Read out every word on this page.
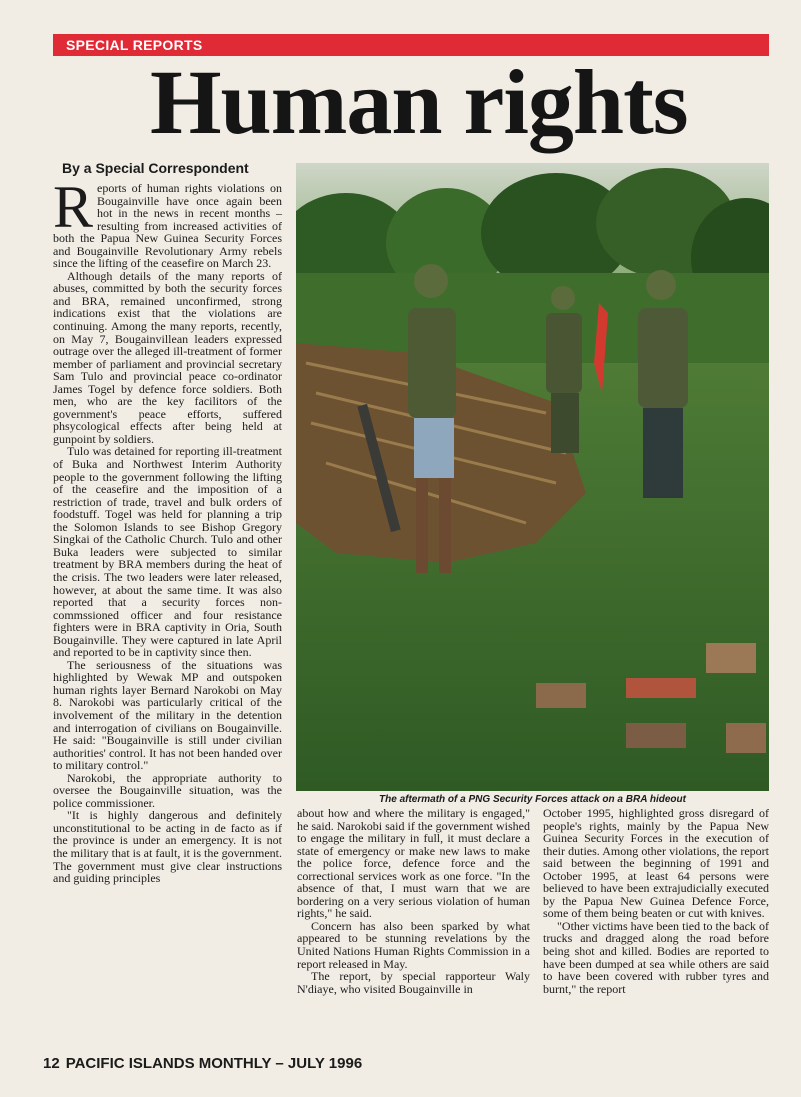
SPECIAL REPORTS
Human rights
By a Special Correspondent

Reports of human rights violations on Bougainville have once again been hot in the news in recent months – resulting from increased activities of both the Papua New Guinea Security Forces and Bougainville Revolutionary Army rebels since the lifting of the ceasefire on March 23.

Although details of the many reports of abuses, committed by both the security forces and BRA, remained unconfirmed, strong indications exist that the violations are continuing. Among the many reports, recently, on May 7, Bougainvillean leaders expressed outrage over the alleged ill-treatment of former member of parliament and provincial secretary Sam Tulo and provincial peace co-ordinator James Togel by defence force soldiers. Both men, who are the key facilitors of the government's peace efforts, suffered phsycological effects after being held at gunpoint by soldiers.

Tulo was detained for reporting ill-treatment of Buka and Northwest Interim Authority people to the government following the lifting of the ceasefire and the imposition of a restriction of trade, travel and bulk orders of foodstuff. Togel was held for planning a trip the Solomon Islands to see Bishop Gregory Singkai of the Catholic Church. Tulo and other Buka leaders were subjected to similar treatment by BRA members during the heat of the crisis. The two leaders were later released, however, at about the same time. It was also reported that a security forces non-commssioned officer and four resistance fighters were in BRA captivity in Oria, South Bougainville. They were captured in late April and reported to be in captivity since then.

The seriousness of the situations was highlighted by Wewak MP and outspoken human rights layer Bernard Narokobi on May 8. Narokobi was particularly critical of the involvement of the military in the detention and interrogation of civilians on Bougainville. He said: "Bougainville is still under civilian authorities' control. It has not been handed over to military control."

Narokobi, the appropriate authority to oversee the Bougainville situation, was the police commissioner.

"It is highly dangerous and definitely unconstitutional to be acting in de facto as if the province is under an emergency. It is not the military that is at fault, it is the government. The government must give clear instructions and guiding principles

The aftermath of a PNG Security Forces attack on a BRA hideout

about how and where the military is engaged," he said. Narokobi said if the government wished to engage the military in full, it must declare a state of emergency or make new laws to make the police force, defence force and the correctional services work as one force. "In the absence of that, I must warn that we are bordering on a very serious violation of human rights," he said.

Concern has also been sparked by what appeared to be stunning revelations by the United Nations Human Rights Commission in a report released in May.

The report, by special rapporteur Waly N'diaye, who visited Bougainville in

October 1995, highlighted gross disregard of people's rights, mainly by the Papua New Guinea Security Forces in the execution of their duties. Among other violations, the report said between the beginning of 1991 and October 1995, at least 64 persons were believed to have been extrajudicially executed by the Papua New Guinea Defence Force, some of them being beaten or cut with knives.

"Other victims have been tied to the back of trucks and dragged along the road before being shot and killed. Bodies are reported to have been dumped at sea while others are said to have been covered with rubber tyres and burnt," the report

12 PACIFIC ISLANDS MONTHLY – JULY 1996
